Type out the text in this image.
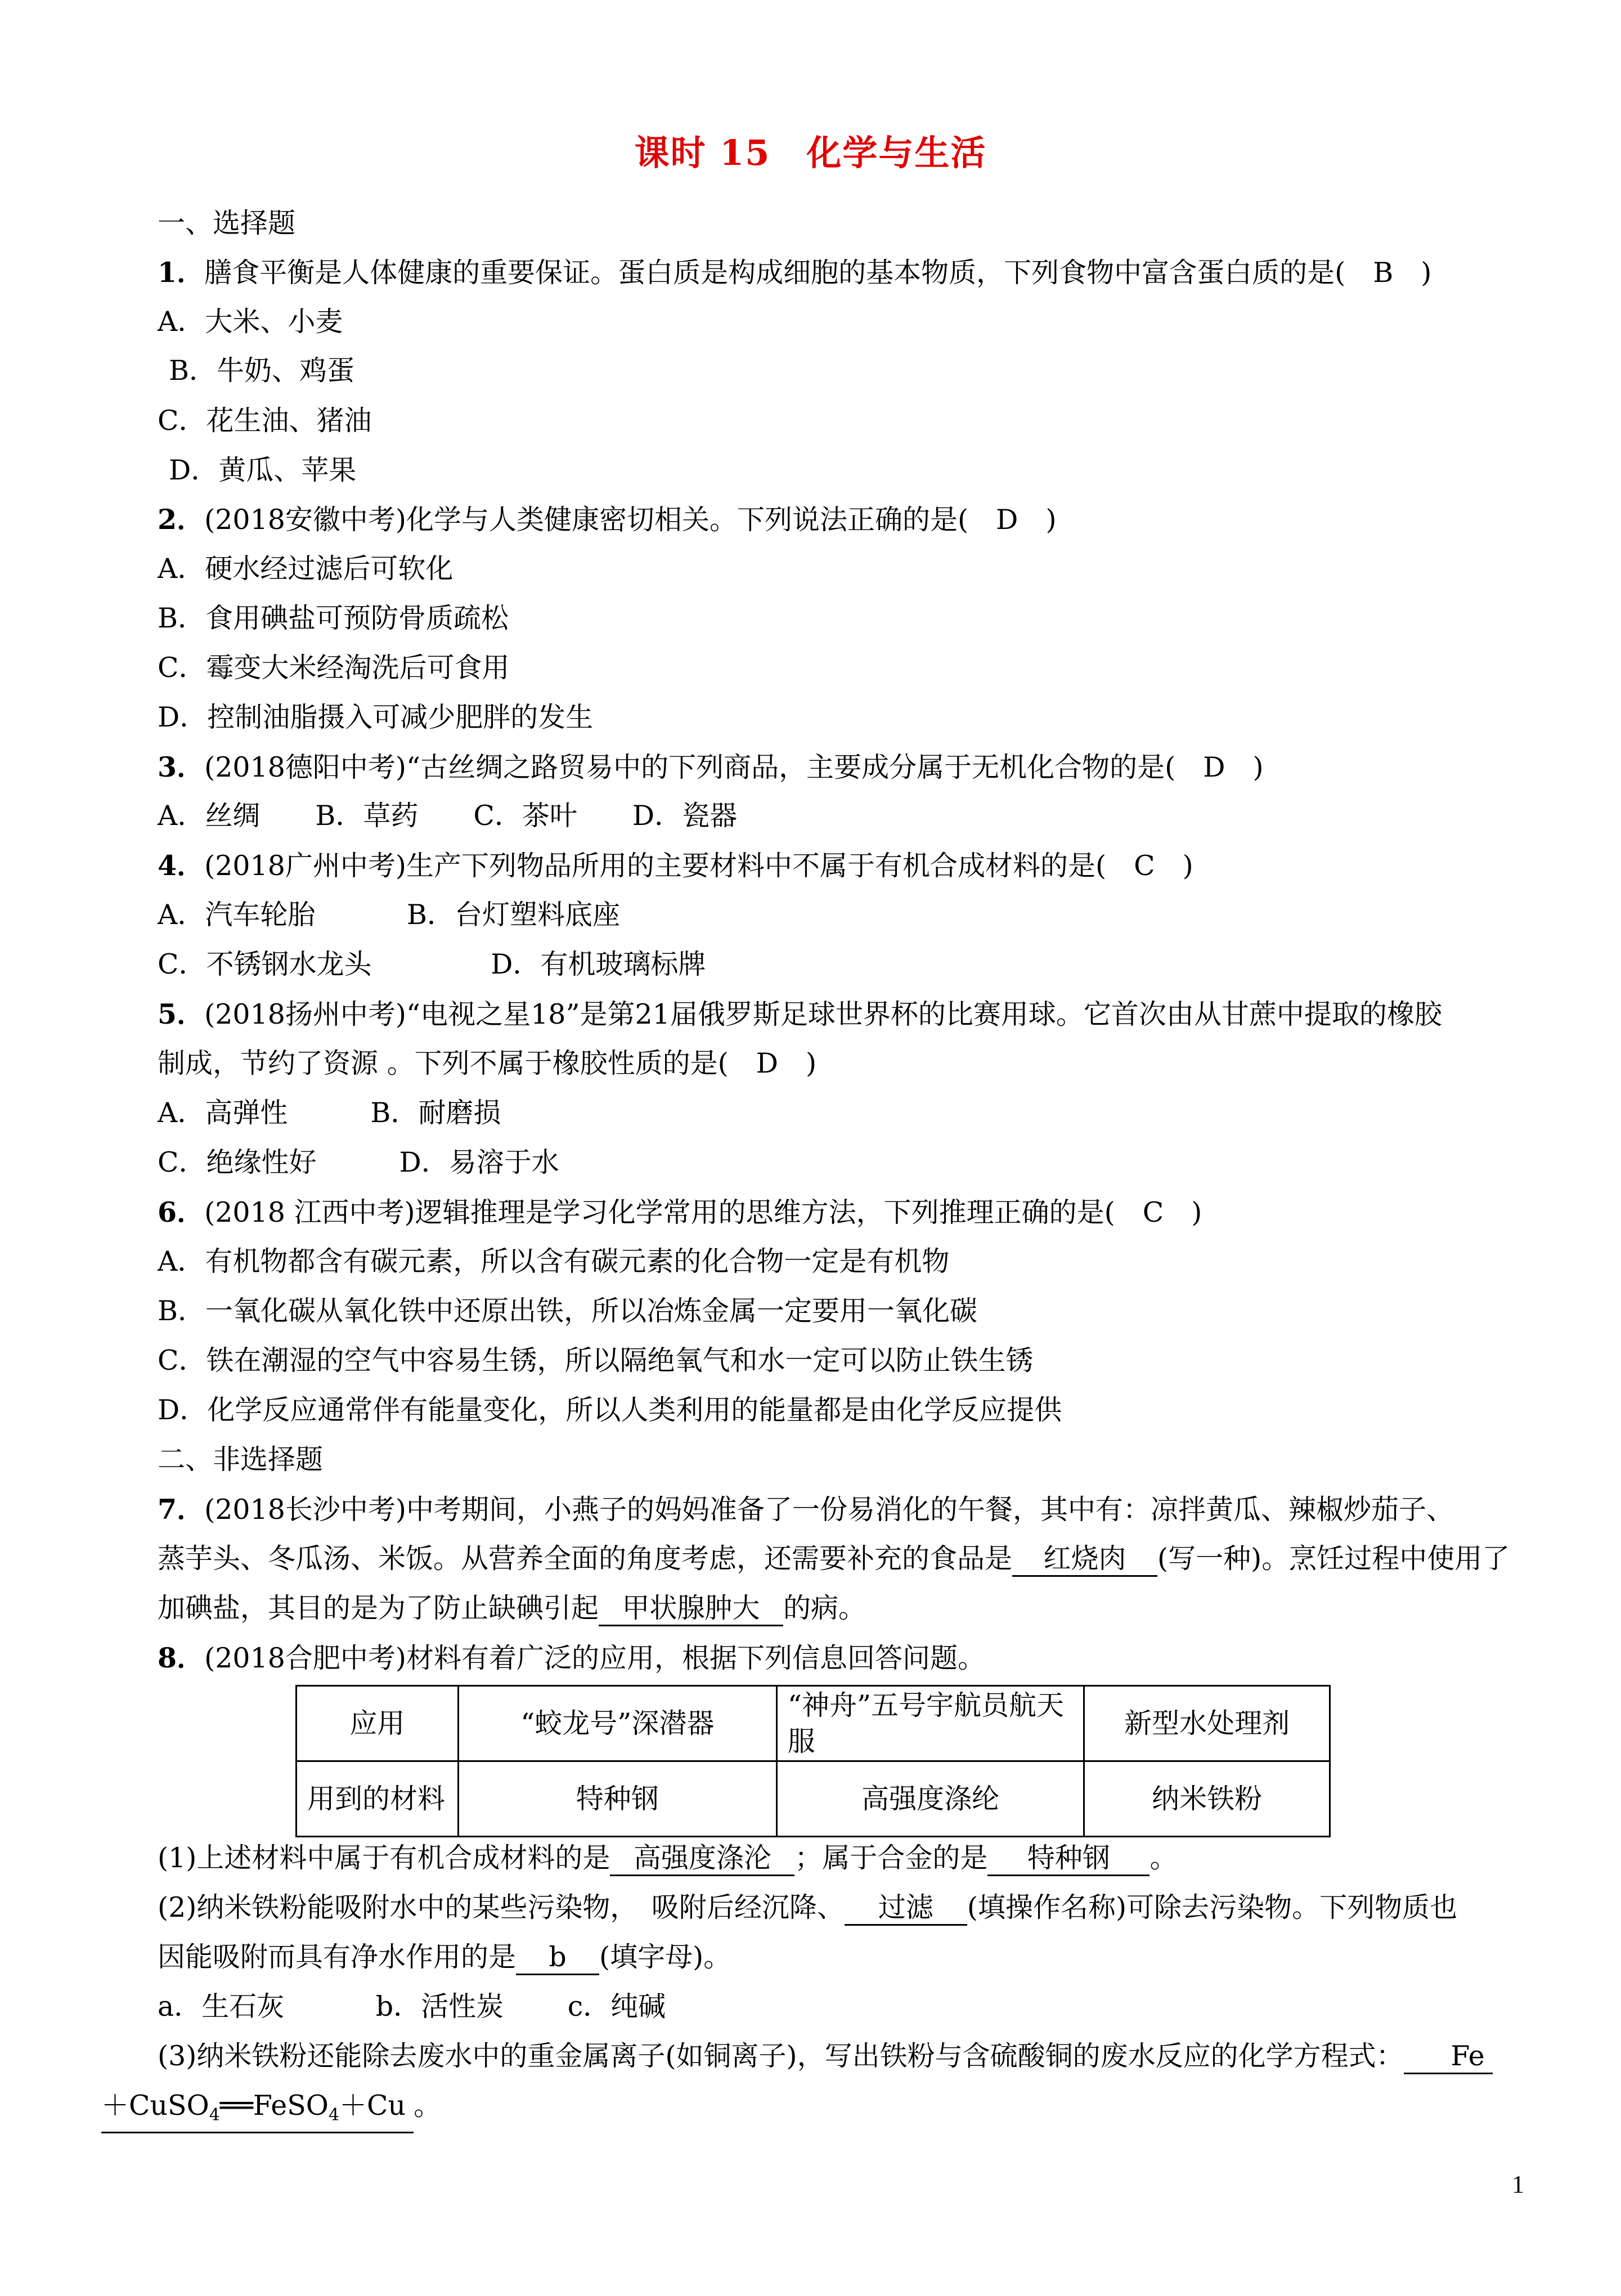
课时 15　化学与生活
一、选择题
1．膳食平衡是人体健康的重要保证。蛋白质是构成细胞的基本物质，下列食物中富含蛋白质的是(　B　)
A．大米、小麦
B．牛奶、鸡蛋
C．花生油、猪油
D．黄瓜、苹果
2．(2018安徽中考)化学与人类健康密切相关。下列说法正确的是(　D　)
A．硬水经过滤后可软化
B．食用碘盐可预防骨质疏松
C．霉变大米经淘洗后可食用
D．控制油脂摄入可减少肥胖的发生
3．(2018德阳中考)“古丝绸之路贸易中的下列商品，主要成分属于无机化合物的是(　D　)
A．丝绸　　B．草药　　C．茶叶　　D．瓷器
4．(2018广州中考)生产下列物品所用的主要材料中不属于有机合成材料的是(　C　)
A．汽车轮胎　　　 B．台灯塑料底座
C．不锈钢水龙头　　　　 D．有机玻璃标牌
5．(2018扬州中考)“电视之星18”是第21届俄罗斯足球世界杯的比赛用球。它首次由从甘蔗中提取的橡胶
制成，节约了资源 。下列不属于橡胶性质的是(　D　)
A．高弹性　　　B．耐磨损
C．绝缘性好　　　D．易溶于水
6．(2018 江西中考)逻辑推理是学习化学常用的思维方法，下列推理正确的是(　C　)
A．有机物都含有碳元素，所以含有碳元素的化合物一定是有机物
B．一氧化碳从氧化铁中还原出铁，所以冶炼金属一定要用一氧化碳
C．铁在潮湿的空气中容易生锈，所以隔绝氧气和水一定可以防止铁生锈
D．化学反应通常伴有能量变化，所以人类利用的能量都是由化学反应提供
二、非选择题
7．(2018长沙中考)中考期间，小燕子的妈妈准备了一份易消化的午餐，其中有：凉拌黄瓜、辣椒炒茄子、
蒸芋头、冬瓜汤、米饭。从营养全面的角度考虑，还需要补充的食品是 红烧肉 (写一种)。烹饪过程中使用了
加碘盐，其目的是为了防止缺碘引起 甲状腺肿大 的病。
8．(2018合肥中考)材料有着广泛的应用，根据下列信息回答问题。
应用	“蛟龙号”深潜器	“神舟”五号宇航员航天服	新型水处理剂
用到的材料	特种钢	高强度涤纶	纳米铁粉
(1)上述材料中属于有机合成材料的是 高强度涤沦 ；属于合金的是 特种钢 。
(2)纳米铁粉能吸附水中的某些污染物，　吸附后经沉降、 过滤 (填操作名称)可除去污染物。下列物质也
因能吸附而具有净水作用的是 b (填字母)。
a．生石灰　　　 b．活性炭　　 c．纯碱
(3)纳米铁粉还能除去废水中的重金属离子(如铜离子)，写出铁粉与含硫酸铜的废水反应的化学方程式： Fe
＋CuSO$_4$══FeSO$_4$＋Cu 。
1
